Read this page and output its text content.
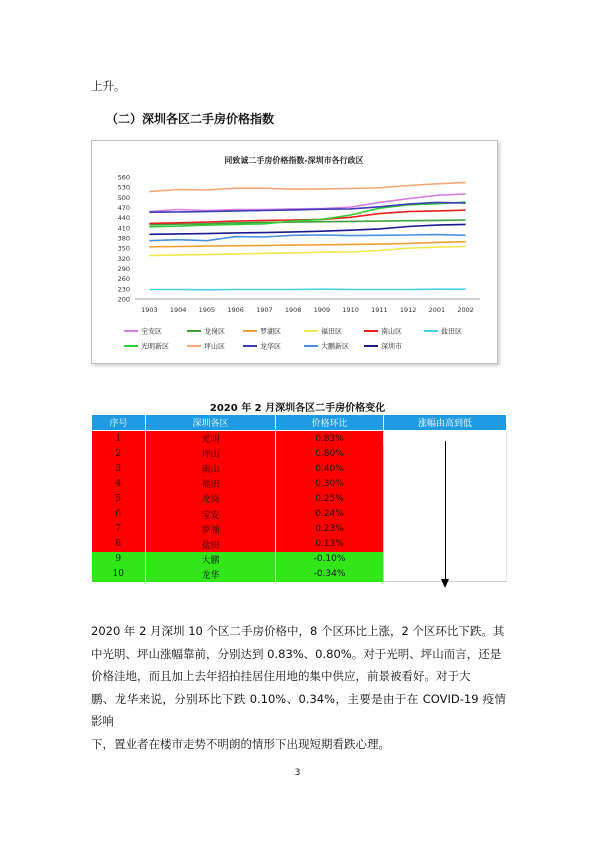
上升。
（二）深圳各区二手房价格指数
同致诚二手房价格指数-深圳市各行政区
200
230
260
290
320
350
380
410
440
470
500
530
560
1903 1904 1905 1906 1907 1908 1909 1910 1911 1912 2001 2002
宝安区	龙岗区	罗湖区	福田区	南山区	盐田区
光明新区	坪山区	龙华区	大鹏新区	深圳市
2020 年 2 月深圳各区二手房价格变化
序号	深圳各区	价格环比	涨幅由高到低
1	光明	0.83%	

2	坪山	0.80%	
3	南山	0.40%	
4	福田	0.30%	
5	龙岗	0.25%	
6	宝安	0.24%	
7	罗湖	0.23%	
8	盐田	0.13%	
9	大鹏	-0.10%	
10	龙华	-0.34%	

2020 年 2 月深圳 10 个区二手房价格中，8 个区环比上涨，2 个区环比下跌。其

中光明、坪山涨幅靠前，分别达到 0.83%、0.80%。对于光明、坪山而言，还是

价格洼地，而且加上去年招拍挂居住用地的集中供应，前景被看好。对于大

鹏、龙华来说，分别环比下跌 0.10%、0.34%，主要是由于在 COVID-19 疫情影响

下，置业者在楼市走势不明朗的情形下出现短期看跌心理。

3
